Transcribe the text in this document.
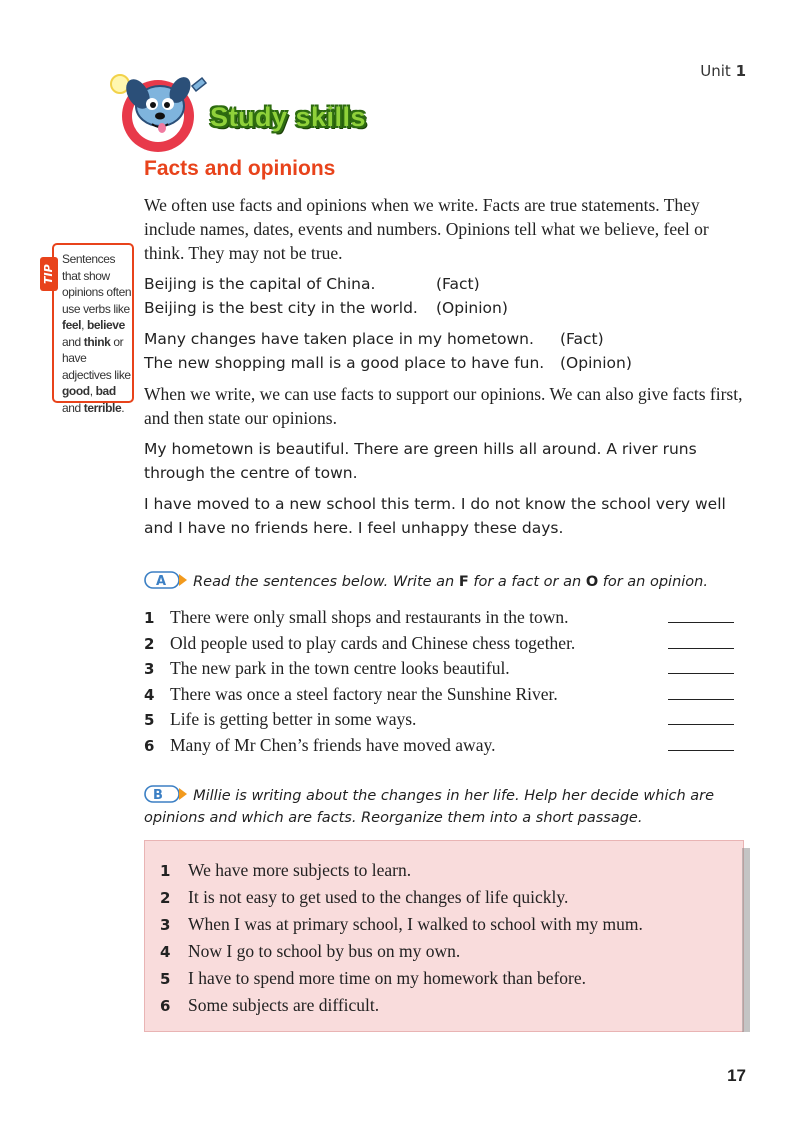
Unit 1
Study skills
Facts and opinions
We often use facts and opinions when we write. Facts are true statements. They include names, dates, events and numbers. Opinions tell what we believe, feel or think. They may not be true.
TIP
Sentences that show opinions often use verbs like feel, believe and think or have adjectives like good, bad and terrible.
Beijing is the capital of China.	(Fact)
Beijing is the best city in the world.	(Opinion)
Many changes have taken place in my hometown.	(Fact)
The new shopping mall is a good place to have fun.	(Opinion)
When we write, we can use facts to support our opinions. We can also give facts first, and then state our opinions.
My hometown is beautiful. There are green hills all around. A river runs through the centre of town.
I have moved to a new school this term. I do not know the school very well and I have no friends here. I feel unhappy these days.
A Read the sentences below. Write an F for a fact or an O for an opinion.
1 There were only small shops and restaurants in the town.
2 Old people used to play cards and Chinese chess together.
3 The new park in the town centre looks beautiful.
4 There was once a steel factory near the Sunshine River.
5 Life is getting better in some ways.
6 Many of Mr Chen’s friends have moved away.
B Millie is writing about the changes in her life. Help her decide which are opinions and which are facts. Reorganize them into a short passage.
1	We have more subjects to learn.
2	It is not easy to get used to the changes of life quickly.
3	When I was at primary school, I walked to school with my mum.
4	Now I go to school by bus on my own.
5	I have to spend more time on my homework than before.
6	Some subjects are difficult.
17
